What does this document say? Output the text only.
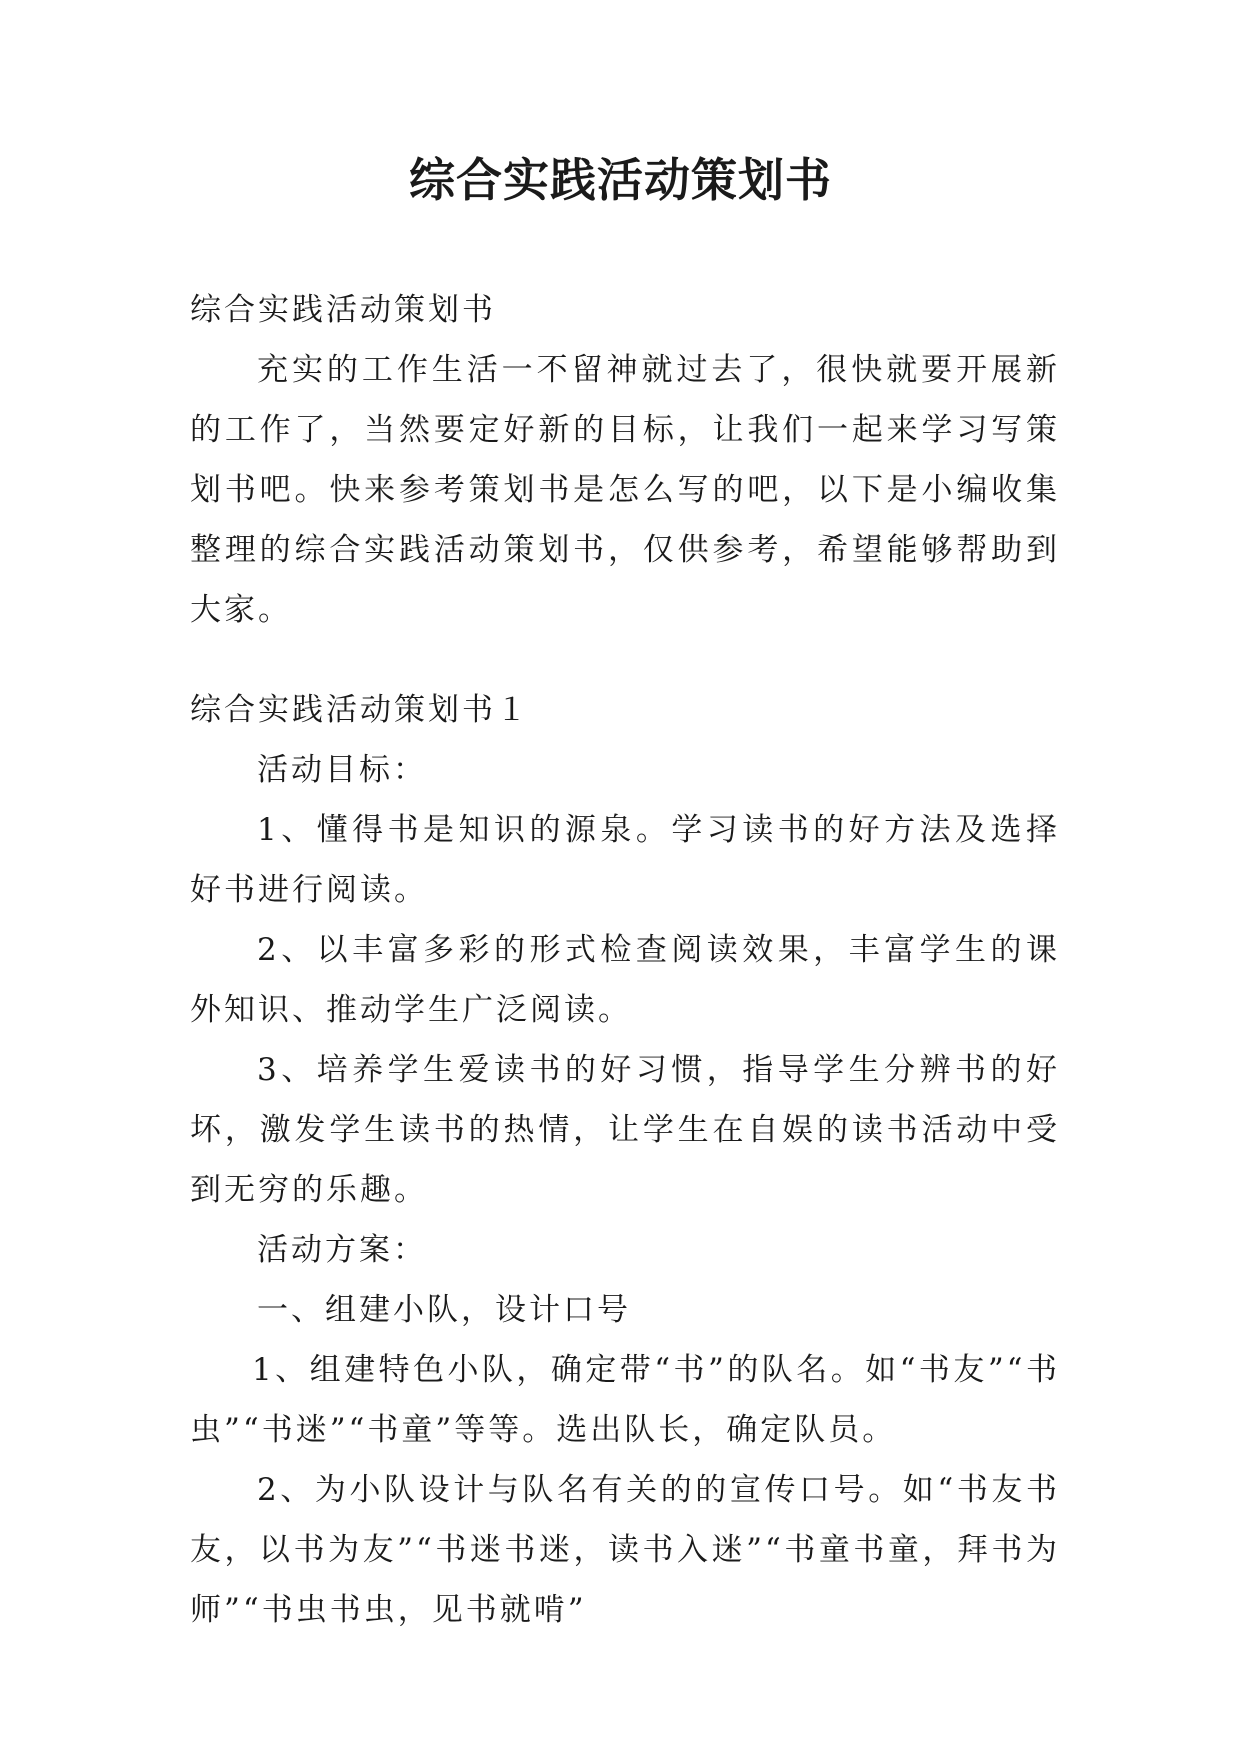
综合实践活动策划书

综合实践活动策划书

充实的工作生活一不留神就过去了，很快就要开展新的工作了，当然要定好新的目标，让我们一起来学习写策划书吧。快来参考策划书是怎么写的吧，以下是小编收集整理的综合实践活动策划书，仅供参考，希望能够帮助到大家。

综合实践活动策划书１

活动目标：

1、懂得书是知识的源泉。学习读书的好方法及选择好书进行阅读。

2、以丰富多彩的形式检查阅读效果，丰富学生的课外知识、推动学生广泛阅读。

3、培养学生爱读书的好习惯，指导学生分辨书的好坏，激发学生读书的热情，让学生在自娱的读书活动中受到无穷的乐趣。

活动方案：

一、组建小队，设计口号

1、组建特色小队，确定带“书”的队名。如“书友”“书虫”“书迷”“书童”等等。选出队长，确定队员。

2、为小队设计与队名有关的的宣传口号。如“书友书友，以书为友”“书迷书迷，读书入迷”“书童书童，拜书为师”“书虫书虫，见书就啃”
